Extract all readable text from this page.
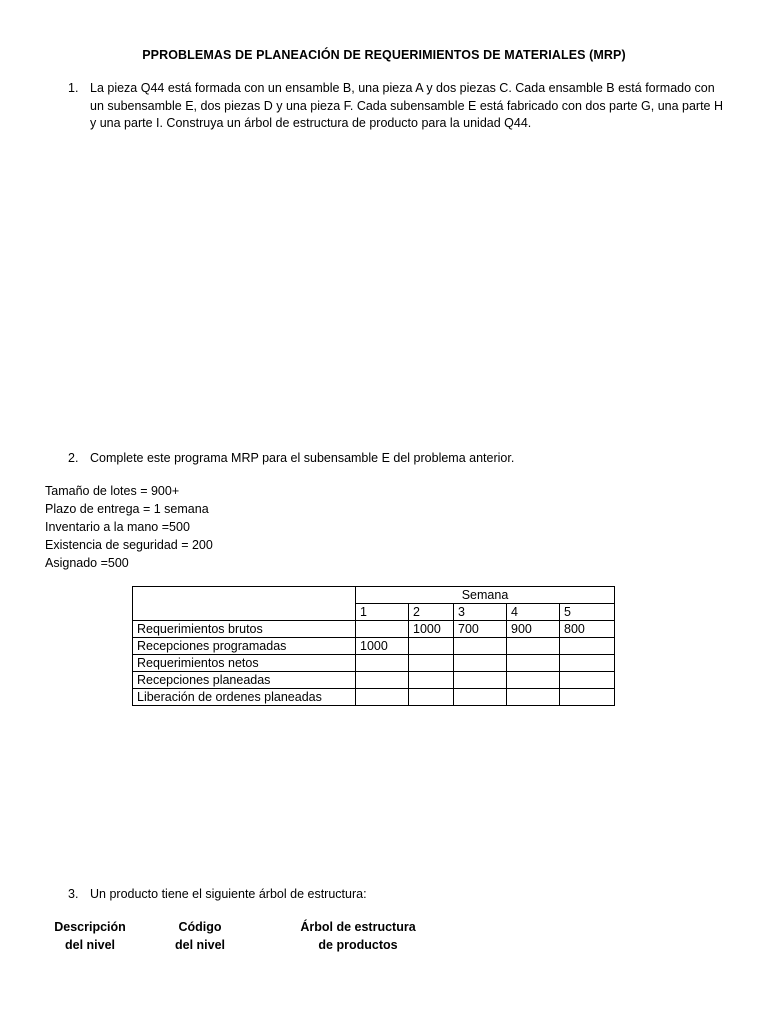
PPROBLEMAS DE PLANEACIÓN DE REQUERIMIENTOS DE MATERIALES (MRP)
1. La pieza Q44 está formada con un ensamble B, una pieza A y dos piezas C. Cada ensamble B está formado con un subensamble E, dos piezas D y una pieza F. Cada subensamble E está fabricado con dos parte G, una parte H y una parte I. Construya un árbol de estructura de producto para la unidad Q44.
2. Complete este programa MRP para el subensamble E del problema anterior.
Tamaño de lotes = 900+
Plazo de entrega = 1 semana
Inventario a la mano =500
Existencia de seguridad = 200
Asignado =500
	Semana				
	1	2	3	4	5
Requerimientos brutos		1000	700	900	800
Recepciones programadas	1000				
Requerimientos netos					
Recepciones planeadas					
Liberación de ordenes planeadas					
3. Un producto tiene el siguiente árbol de estructura:
Descripción
del nivel
Código
del nivel
Árbol de estructura
de productos
